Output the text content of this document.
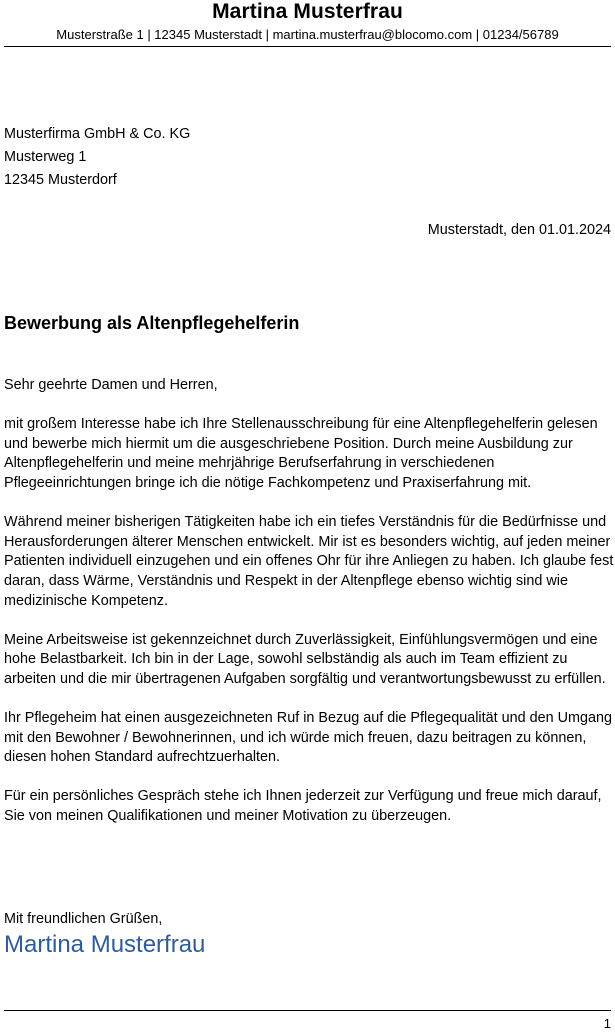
Martina Musterfrau
Musterstraße 1 | 12345 Musterstadt | martina.musterfrau@blocomo.com | 01234/56789
Musterfirma GmbH & Co. KG
Musterweg 1
12345 Musterdorf
Musterstadt, den 01.01.2024
Bewerbung als Altenpflegehelferin

Sehr geehrte Damen und Herren,

mit großem Interesse habe ich Ihre Stellenausschreibung für eine Altenpflegehelferin gelesen und bewerbe mich hiermit um die ausgeschriebene Position. Durch meine Ausbildung zur Altenpflegehelferin und meine mehrjährige Berufserfahrung in verschiedenen Pflegeeinrichtungen bringe ich die nötige Fachkompetenz und Praxiserfahrung mit.

Während meiner bisherigen Tätigkeiten habe ich ein tiefes Verständnis für die Bedürfnisse und Herausforderungen älterer Menschen entwickelt. Mir ist es besonders wichtig, auf jeden meiner Patienten individuell einzugehen und ein offenes Ohr für ihre Anliegen zu haben. Ich glaube fest daran, dass Wärme, Verständnis und Respekt in der Altenpflege ebenso wichtig sind wie medizinische Kompetenz.

Meine Arbeitsweise ist gekennzeichnet durch Zuverlässigkeit, Einfühlungsvermögen und eine hohe Belastbarkeit. Ich bin in der Lage, sowohl selbständig als auch im Team effizient zu arbeiten und die mir übertragenen Aufgaben sorgfältig und verantwortungsbewusst zu erfüllen.

Ihr Pflegeheim hat einen ausgezeichneten Ruf in Bezug auf die Pflegequalität und den Umgang mit den Bewohner / Bewohnerinnen, und ich würde mich freuen, dazu beitragen zu können, diesen hohen Standard aufrechtzuerhalten.

Für ein persönliches Gespräch stehe ich Ihnen jederzeit zur Verfügung und freue mich darauf, Sie von meinen Qualifikationen und meiner Motivation zu überzeugen.

Mit freundlichen Grüßen,
Martina Musterfrau
1
